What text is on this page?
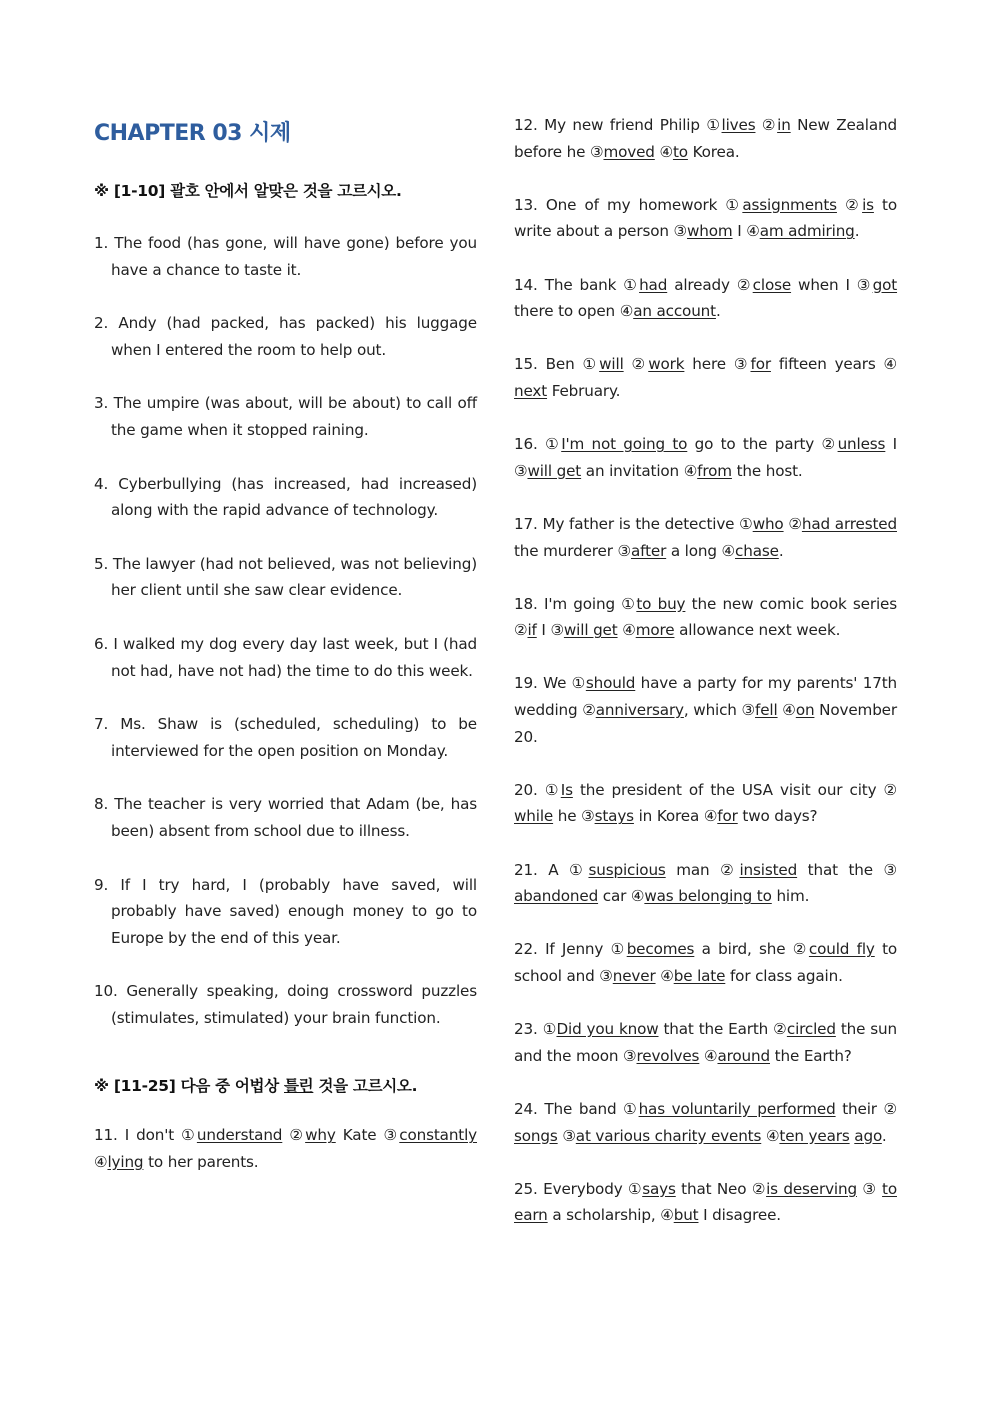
CHAPTER 03 시제
※ [1-10] 괄호 안에서 알맞은 것을 고르시오.
1. The food (has gone, will have gone) before you have a chance to taste it.
2. Andy (had packed, has packed) his luggage when I entered the room to help out.
3. The umpire (was about, will be about) to call off the game when it stopped raining.
4. Cyberbullying (has increased, had increased) along with the rapid advance of technology.
5. The lawyer (had not believed, was not believing) her client until she saw clear evidence.
6. I walked my dog every day last week, but I (had not had, have not had) the time to do this week.
7. Ms. Shaw is (scheduled, scheduling) to be interviewed for the open position on Monday.
8. The teacher is very worried that Adam (be, has been) absent from school due to illness.
9. If I try hard, I (probably have saved, will probably have saved) enough money to go to Europe by the end of this year.
10. Generally speaking, doing crossword puzzles (stimulates, stimulated) your brain function.
※ [11-25] 다음 중 어법상 틀린 것을 고르시오.
11. I don't ①understand ②why Kate ③constantly ④lying to her parents.
12. My new friend Philip ①lives ②in New Zealand before he ③moved ④to Korea.
13. One of my homework ①assignments ②is to write about a person ③whom I ④am admiring.
14. The bank ①had already ②close when I ③got there to open ④an account.
15. Ben ①will ②work here ③for fifteen years ④ next February.
16. ①I'm not going to go to the party ②unless I ③will get an invitation ④from the host.
17. My father is the detective ①who ②had arrested the murderer ③after a long ④chase.
18. I'm going ①to buy the new comic book series ②if I ③will get ④more allowance next week.
19. We ①should have a party for my parents' 17th wedding ②anniversary, which ③fell ④on November 20.
20. ①Is the president of the USA visit our city ② while he ③stays in Korea ④for two days?
21. A ①suspicious man ②insisted that the ③ abandoned car ④was belonging to him.
22. If Jenny ①becomes a bird, she ②could fly to school and ③never ④be late for class again.
23. ①Did you know that the Earth ②circled the sun and the moon ③revolves ④around the Earth?
24. The band ①has voluntarily performed their ② songs ③at various charity events ④ten years ago.
25. Everybody ①says that Neo ②is deserving ③ to earn a scholarship, ④but I disagree.
